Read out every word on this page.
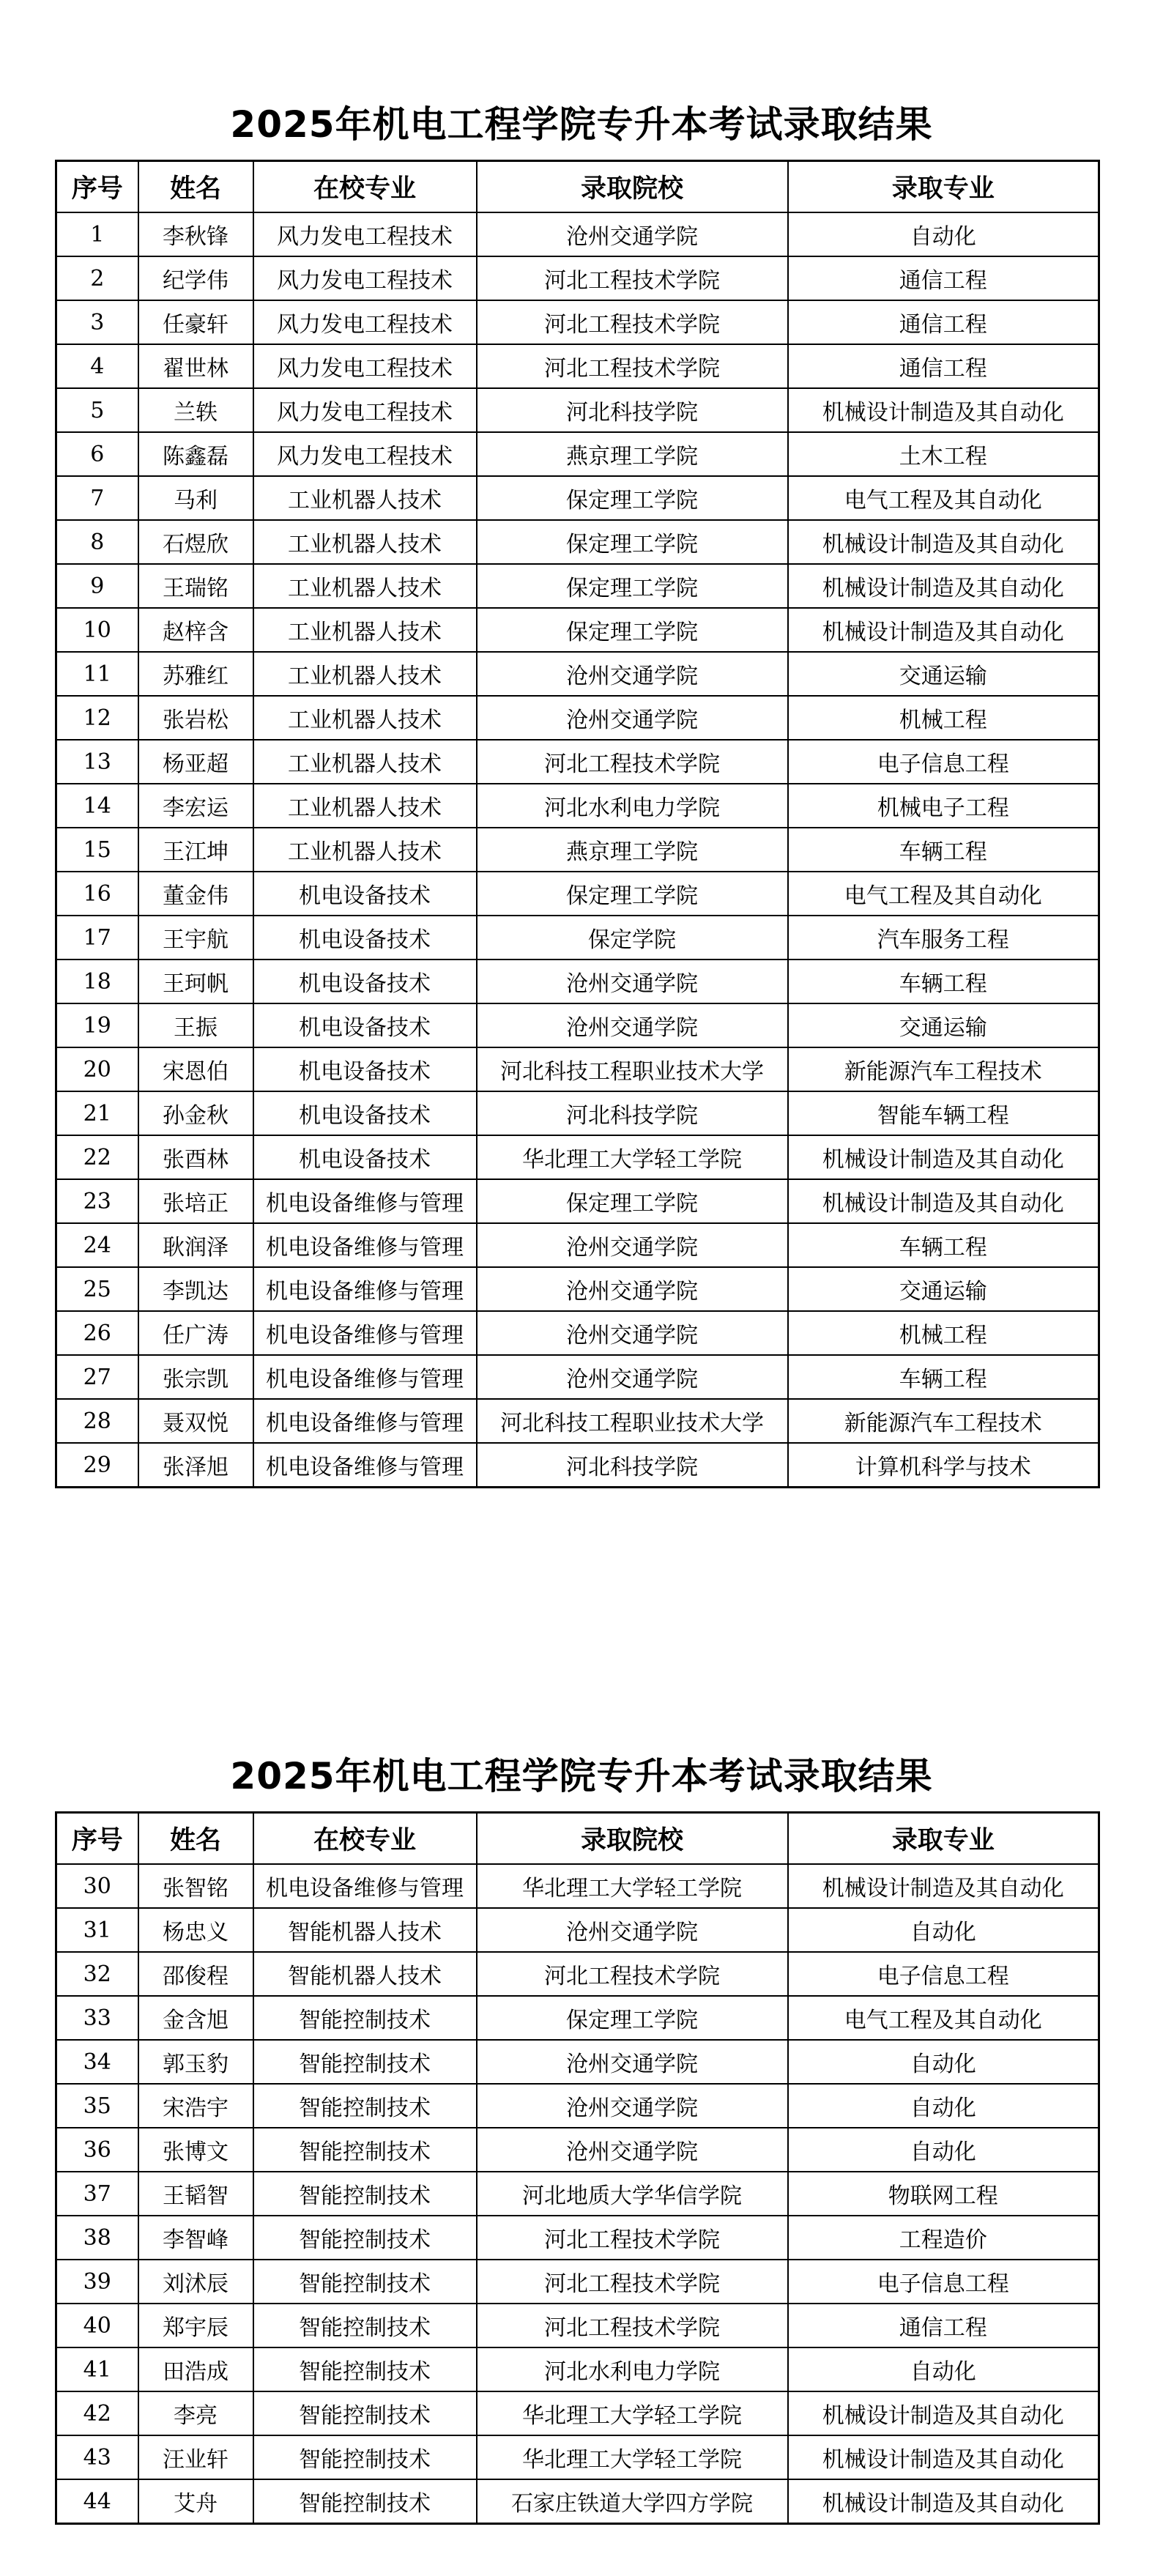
2025年机电工程学院专升本考试录取结果
序号	姓名	在校专业	录取院校	录取专业
1	李秋锋	风力发电工程技术	沧州交通学院	自动化
2	纪学伟	风力发电工程技术	河北工程技术学院	通信工程
3	任豪轩	风力发电工程技术	河北工程技术学院	通信工程
4	翟世林	风力发电工程技术	河北工程技术学院	通信工程
5	兰轶	风力发电工程技术	河北科技学院	机械设计制造及其自动化
6	陈鑫磊	风力发电工程技术	燕京理工学院	土木工程
7	马利	工业机器人技术	保定理工学院	电气工程及其自动化
8	石煜欣	工业机器人技术	保定理工学院	机械设计制造及其自动化
9	王瑞铭	工业机器人技术	保定理工学院	机械设计制造及其自动化
10	赵梓含	工业机器人技术	保定理工学院	机械设计制造及其自动化
11	苏雅红	工业机器人技术	沧州交通学院	交通运输
12	张岩松	工业机器人技术	沧州交通学院	机械工程
13	杨亚超	工业机器人技术	河北工程技术学院	电子信息工程
14	李宏运	工业机器人技术	河北水利电力学院	机械电子工程
15	王江坤	工业机器人技术	燕京理工学院	车辆工程
16	董金伟	机电设备技术	保定理工学院	电气工程及其自动化
17	王宇航	机电设备技术	保定学院	汽车服务工程
18	王珂帆	机电设备技术	沧州交通学院	车辆工程
19	王振	机电设备技术	沧州交通学院	交通运输
20	宋恩伯	机电设备技术	河北科技工程职业技术大学	新能源汽车工程技术
21	孙金秋	机电设备技术	河北科技学院	智能车辆工程
22	张酉林	机电设备技术	华北理工大学轻工学院	机械设计制造及其自动化
23	张培正	机电设备维修与管理	保定理工学院	机械设计制造及其自动化
24	耿润泽	机电设备维修与管理	沧州交通学院	车辆工程
25	李凯达	机电设备维修与管理	沧州交通学院	交通运输
26	任广涛	机电设备维修与管理	沧州交通学院	机械工程
27	张宗凯	机电设备维修与管理	沧州交通学院	车辆工程
28	聂双悦	机电设备维修与管理	河北科技工程职业技术大学	新能源汽车工程技术
29	张泽旭	机电设备维修与管理	河北科技学院	计算机科学与技术
2025年机电工程学院专升本考试录取结果
序号	姓名	在校专业	录取院校	录取专业
30	张智铭	机电设备维修与管理	华北理工大学轻工学院	机械设计制造及其自动化
31	杨忠义	智能机器人技术	沧州交通学院	自动化
32	邵俊程	智能机器人技术	河北工程技术学院	电子信息工程
33	金含旭	智能控制技术	保定理工学院	电气工程及其自动化
34	郭玉豹	智能控制技术	沧州交通学院	自动化
35	宋浩宇	智能控制技术	沧州交通学院	自动化
36	张博文	智能控制技术	沧州交通学院	自动化
37	王韬智	智能控制技术	河北地质大学华信学院	物联网工程
38	李智峰	智能控制技术	河北工程技术学院	工程造价
39	刘沭辰	智能控制技术	河北工程技术学院	电子信息工程
40	郑宇辰	智能控制技术	河北工程技术学院	通信工程
41	田浩成	智能控制技术	河北水利电力学院	自动化
42	李亮	智能控制技术	华北理工大学轻工学院	机械设计制造及其自动化
43	汪业轩	智能控制技术	华北理工大学轻工学院	机械设计制造及其自动化
44	艾舟	智能控制技术	石家庄铁道大学四方学院	机械设计制造及其自动化
